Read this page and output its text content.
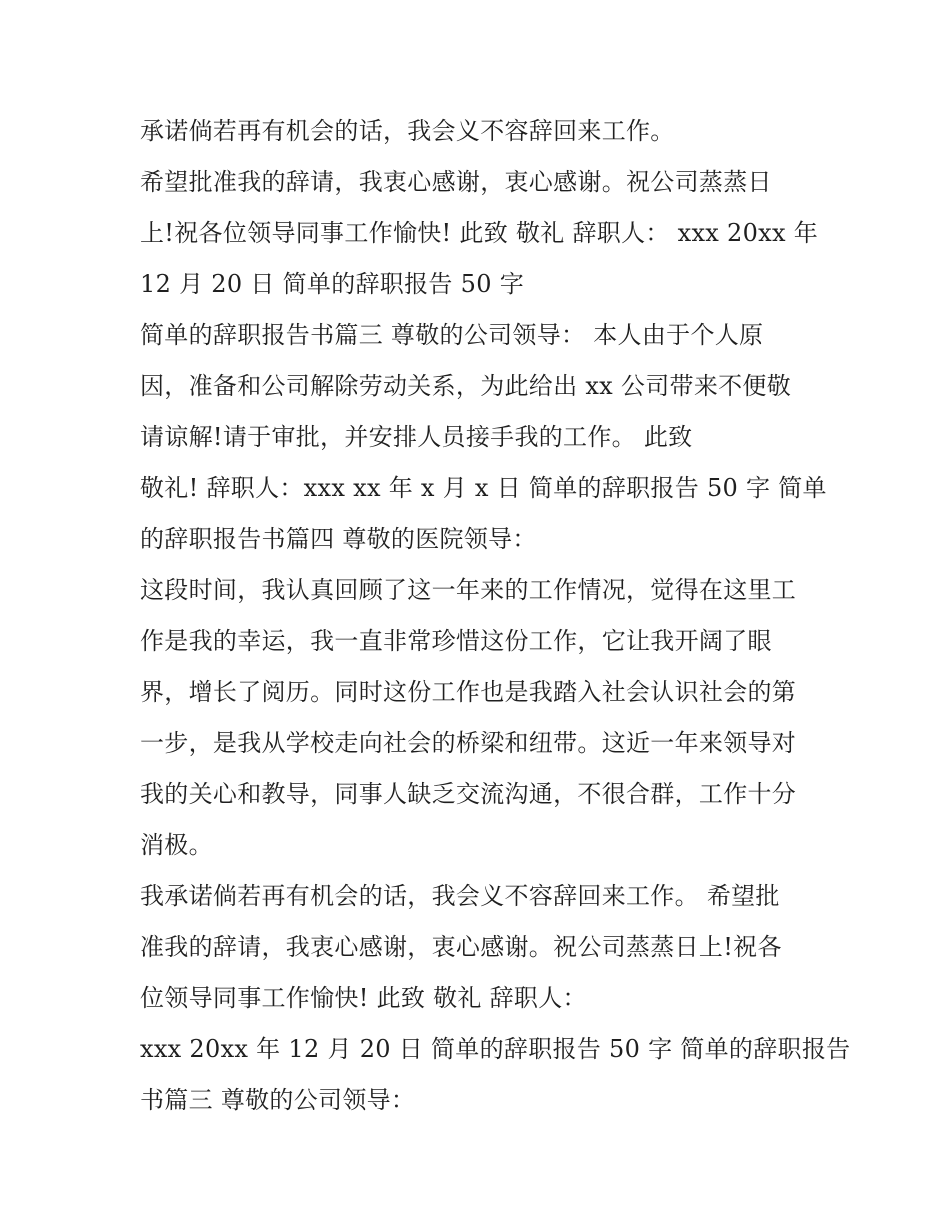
承诺倘若再有机会的话，我会义不容辞回来工作。
希望批准我的辞请，我衷心感谢，衷心感谢。祝公司蒸蒸日
上!祝各位领导同事工作愉快! 此致 敬礼 辞职人： xxx 20xx 年
12 月 20 日 简单的辞职报告 50 字
简单的辞职报告书篇三 尊敬的公司领导： 本人由于个人原
因，准备和公司解除劳动关系，为此给出 xx 公司带来不便敬
请谅解!请于审批，并安排人员接手我的工作。 此致
敬礼! 辞职人：xxx xx 年 x 月 x 日 简单的辞职报告 50 字 简单
的辞职报告书篇四 尊敬的医院领导：
这段时间，我认真回顾了这一年来的工作情况，觉得在这里工
作是我的幸运，我一直非常珍惜这份工作，它让我开阔了眼
界，增长了阅历。同时这份工作也是我踏入社会认识社会的第
一步，是我从学校走向社会的桥梁和纽带。这近一年来领导对
我的关心和教导，同事人缺乏交流沟通，不很合群，工作十分
消极。
我承诺倘若再有机会的话，我会义不容辞回来工作。 希望批
准我的辞请，我衷心感谢，衷心感谢。祝公司蒸蒸日上!祝各
位领导同事工作愉快! 此致 敬礼 辞职人：
xxx 20xx 年 12 月 20 日 简单的辞职报告 50 字 简单的辞职报告
书篇三 尊敬的公司领导：
